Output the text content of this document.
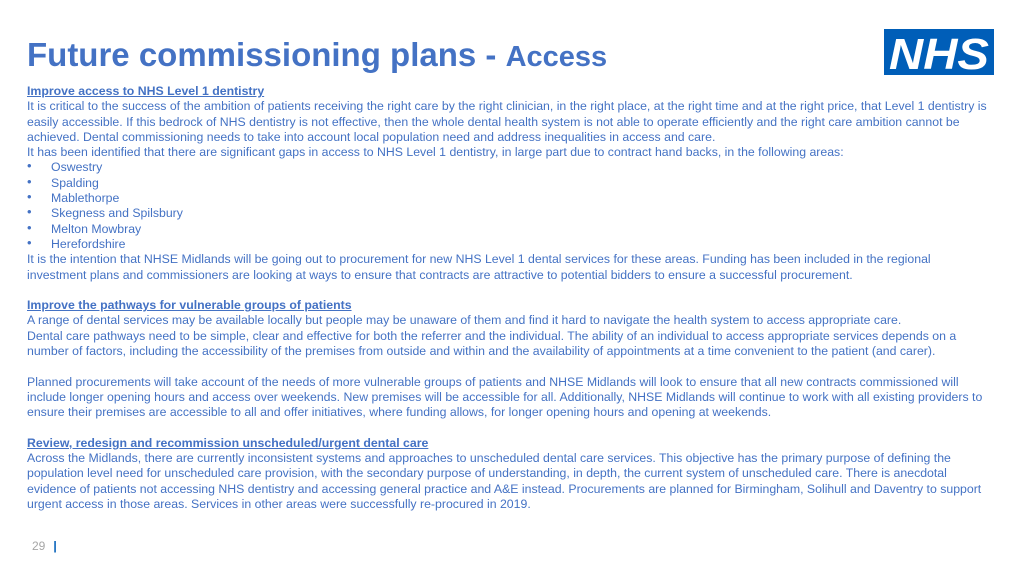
Future commissioning plans - Access	NHS

Improve access to NHS Level 1 dentistry

It is critical to the success of the ambition of patients receiving the right care by the right clinician, in the right place, at the right time and at the right price, that Level 1 dentistry is easily accessible. If this bedrock of NHS dentistry is not effective, then the whole dental health system is not able to operate efficiently and the right care ambition cannot be achieved. Dental commissioning needs to take into account local population need and address inequalities in access and care.

It has been identified that there are significant gaps in access to NHS Level 1 dentistry, in large part due to contract hand backs, in the following areas:

• Oswestry
• Spalding
• Mablethorpe
• Skegness and Spilsbury
• Melton Mowbray
• Herefordshire

It is the intention that NHSE Midlands will be going out to procurement for new NHS Level 1 dental services for these areas. Funding has been included in the regional investment plans and commissioners are looking at ways to ensure that contracts are attractive to potential bidders to ensure a successful procurement.

Improve the pathways for vulnerable groups of patients

A range of dental services may be available locally but people may be unaware of them and find it hard to navigate the health system to access appropriate care.

Dental care pathways need to be simple, clear and effective for both the referrer and the individual. The ability of an individual to access appropriate services depends on a number of factors, including the accessibility of the premises from outside and within and the availability of appointments at a time convenient to the patient (and carer).

Planned procurements will take account of the needs of more vulnerable groups of patients and NHSE Midlands will look to ensure that all new contracts commissioned will include longer opening hours and access over weekends. New premises will be accessible for all. Additionally, NHSE Midlands will continue to work with all existing providers to ensure their premises are accessible to all and offer initiatives, where funding allows, for longer opening hours and opening at weekends.

Review, redesign and recommission unscheduled/urgent dental care

Across the Midlands, there are currently inconsistent systems and approaches to unscheduled dental care services. This objective has the primary purpose of defining the population level need for unscheduled care provision, with the secondary purpose of understanding, in depth, the current system of unscheduled care. There is anecdotal evidence of patients not accessing NHS dentistry and accessing general practice and A&E instead. Procurements are planned for Birmingham, Solihull and Daventry to support urgent access in those areas. Services in other areas were successfully re-procured in 2019.

29 |
